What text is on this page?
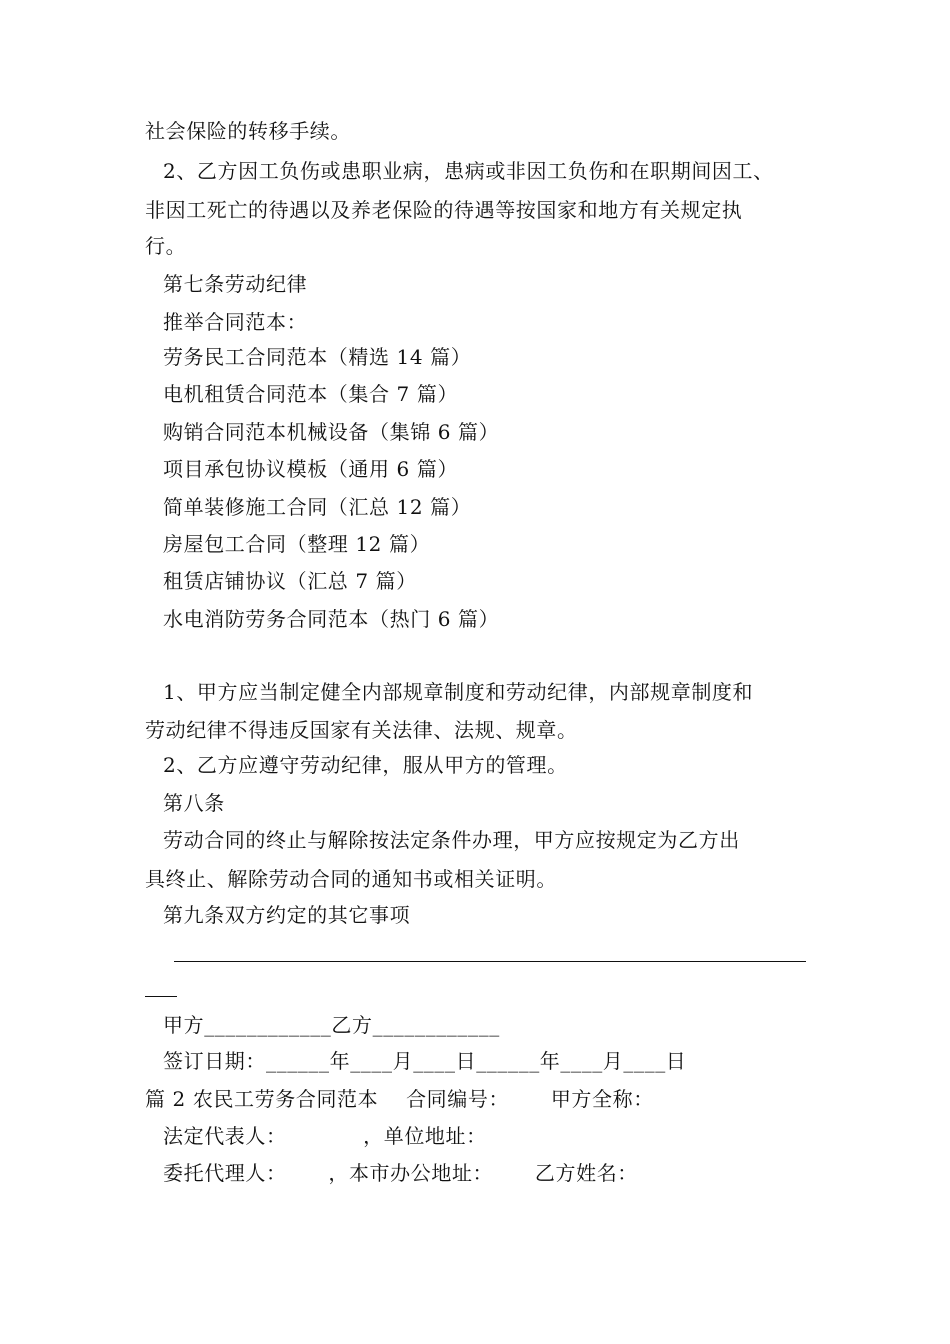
社会保险的转移手续。
2、乙方因工负伤或患职业病，患病或非因工负伤和在职期间因工、
非因工死亡的待遇以及养老保险的待遇等按国家和地方有关规定执
行。
第七条劳动纪律
推举合同范本：
劳务民工合同范本（精选 14 篇）
电机租赁合同范本（集合 7 篇）
购销合同范本机械设备（集锦 6 篇）
项目承包协议模板（通用 6 篇）
简单装修施工合同（汇总 12 篇）
房屋包工合同（整理 12 篇）
租赁店铺协议（汇总 7 篇）
水电消防劳务合同范本（热门 6 篇）
1、甲方应当制定健全内部规章制度和劳动纪律，内部规章制度和
劳动纪律不得违反国家有关法律、法规、规章。
2、乙方应遵守劳动纪律，服从甲方的管理。
第八条
劳动合同的终止与解除按法定条件办理，甲方应按规定为乙方出
具终止、解除劳动合同的通知书或相关证明。
第九条双方约定的其它事项
甲方____________乙方____________
签订日期：______年____月____日______年____月____日
篇 2 农民工劳务合同范本    合同编号：      甲方全称：
法定代表人：           ，单位地址：
委托代理人：      ，本市办公地址：      乙方姓名：
